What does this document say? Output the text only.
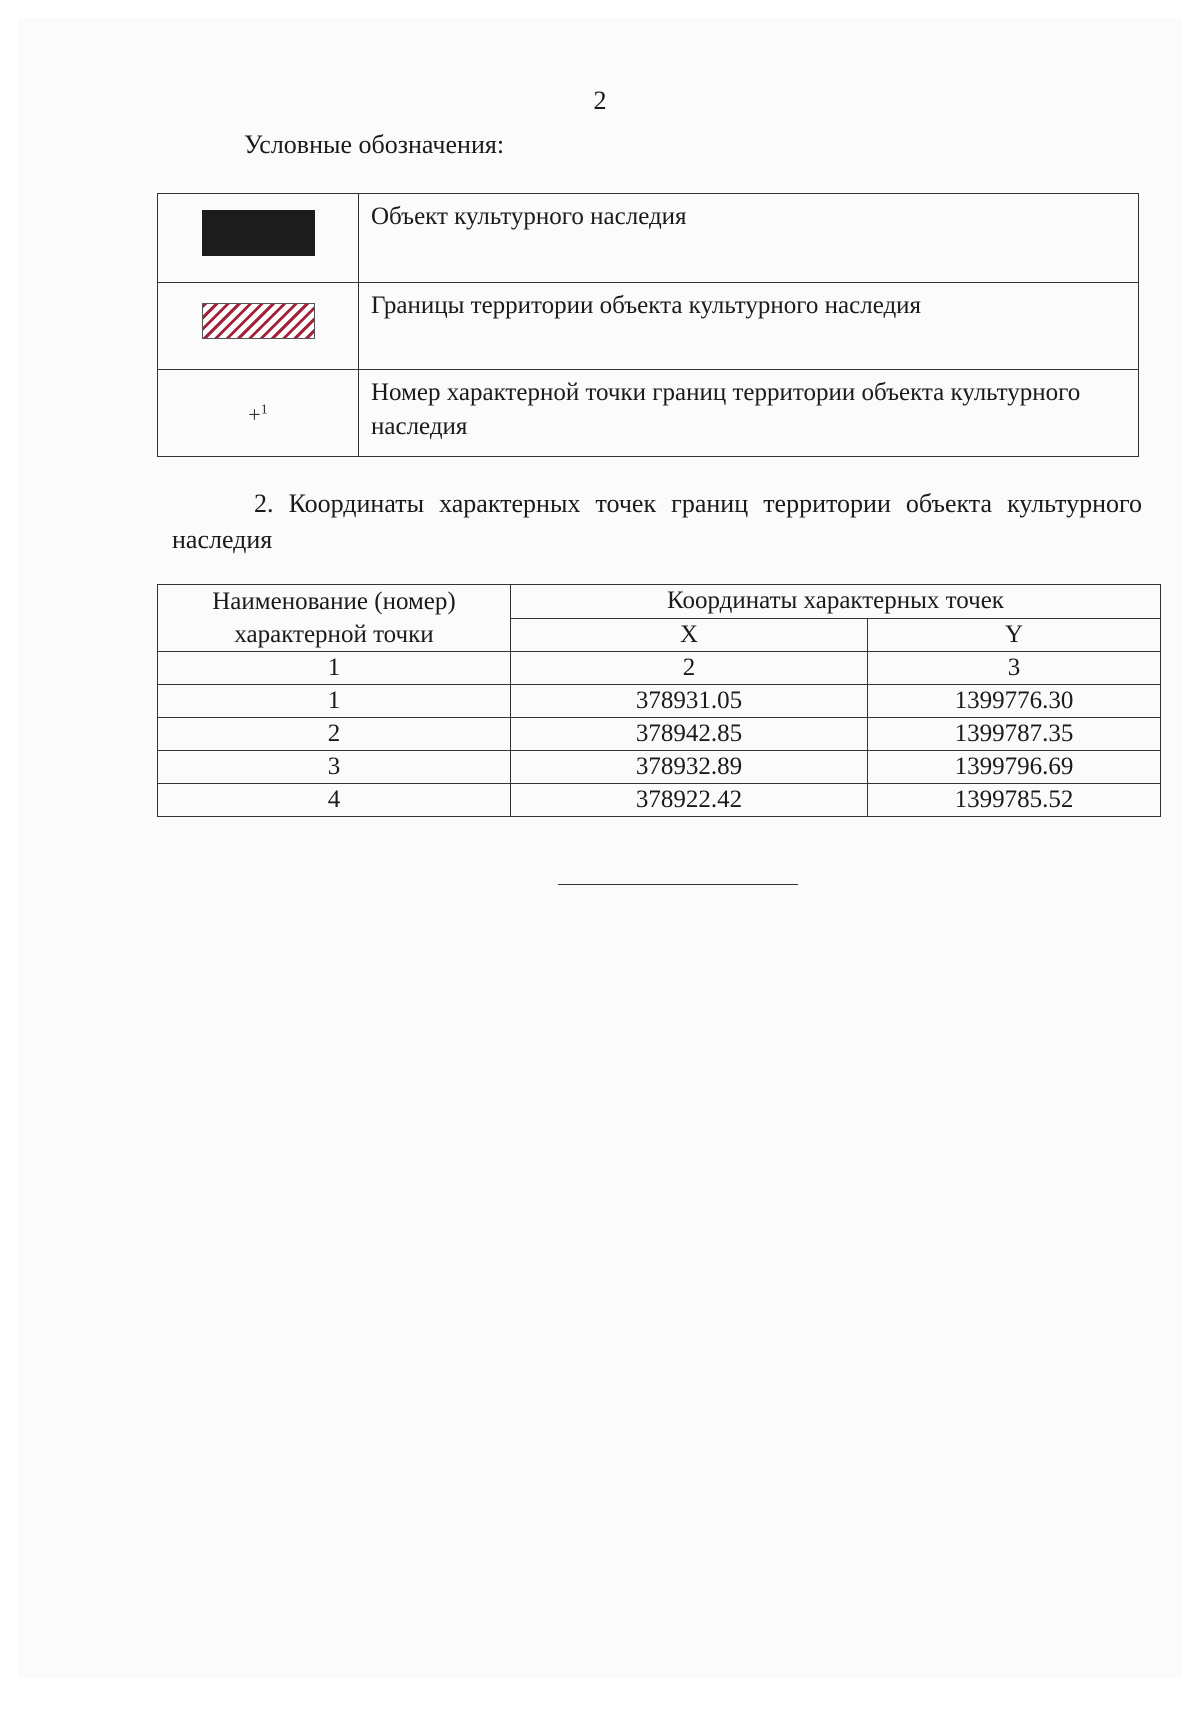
2
Условные обозначения:
	Объект культурного наследия
	Границы территории объекта культурного наследия
+$^1$	Номер характерной точки границ территории объекта культурного наследия
2. Координаты характерных точек границ территории объекта культурного наследия
Наименование (номер) характерной точки	Координаты характерных точек	
	X	Y
1	2	3
1	378931.05	1399776.30
2	378942.85	1399787.35
3	378932.89	1399796.69
4	378922.42	1399785.52
